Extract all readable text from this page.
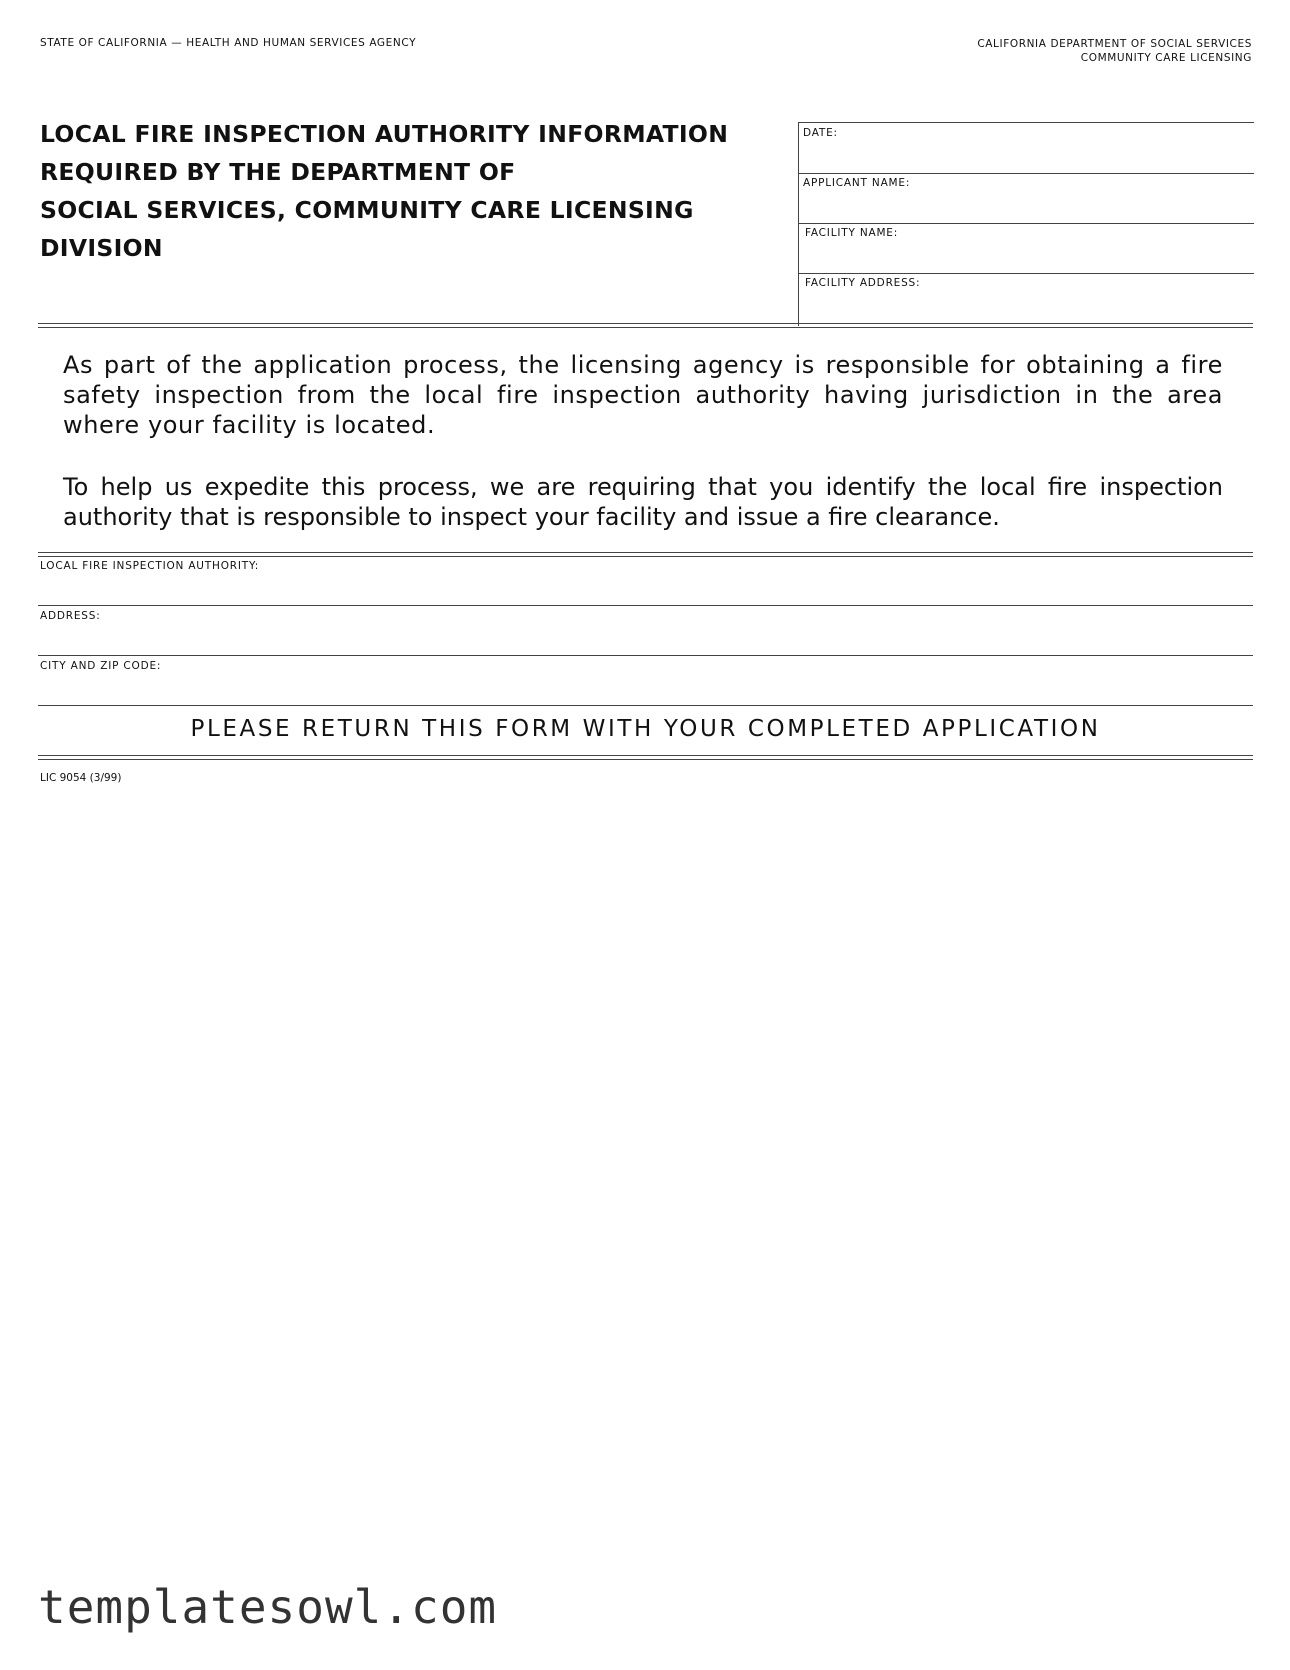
STATE OF CALIFORNIA — HEALTH AND HUMAN SERVICES AGENCY	CALIFORNIA DEPARTMENT OF SOCIAL SERVICES
COMMUNITY CARE LICENSING
LOCAL FIRE INSPECTION AUTHORITY INFORMATION
REQUIRED BY THE DEPARTMENT OF
SOCIAL SERVICES, COMMUNITY CARE LICENSING
DIVISION
DATE:
APPLICANT NAME:
FACILITY NAME:
FACILITY ADDRESS:
As part of the application process, the licensing agency is responsible for obtaining a fire safety inspection from the local fire inspection authority having jurisdiction in the area where your facility is located.
To help us expedite this process, we are requiring that you identify the local fire inspection authority that is responsible to inspect your facility and issue a fire clearance.
LOCAL FIRE INSPECTION AUTHORITY:
ADDRESS:
CITY AND ZIP CODE:
PLEASE RETURN THIS FORM WITH YOUR COMPLETED APPLICATION
LIC 9054 (3/99)
templatesowl.com
